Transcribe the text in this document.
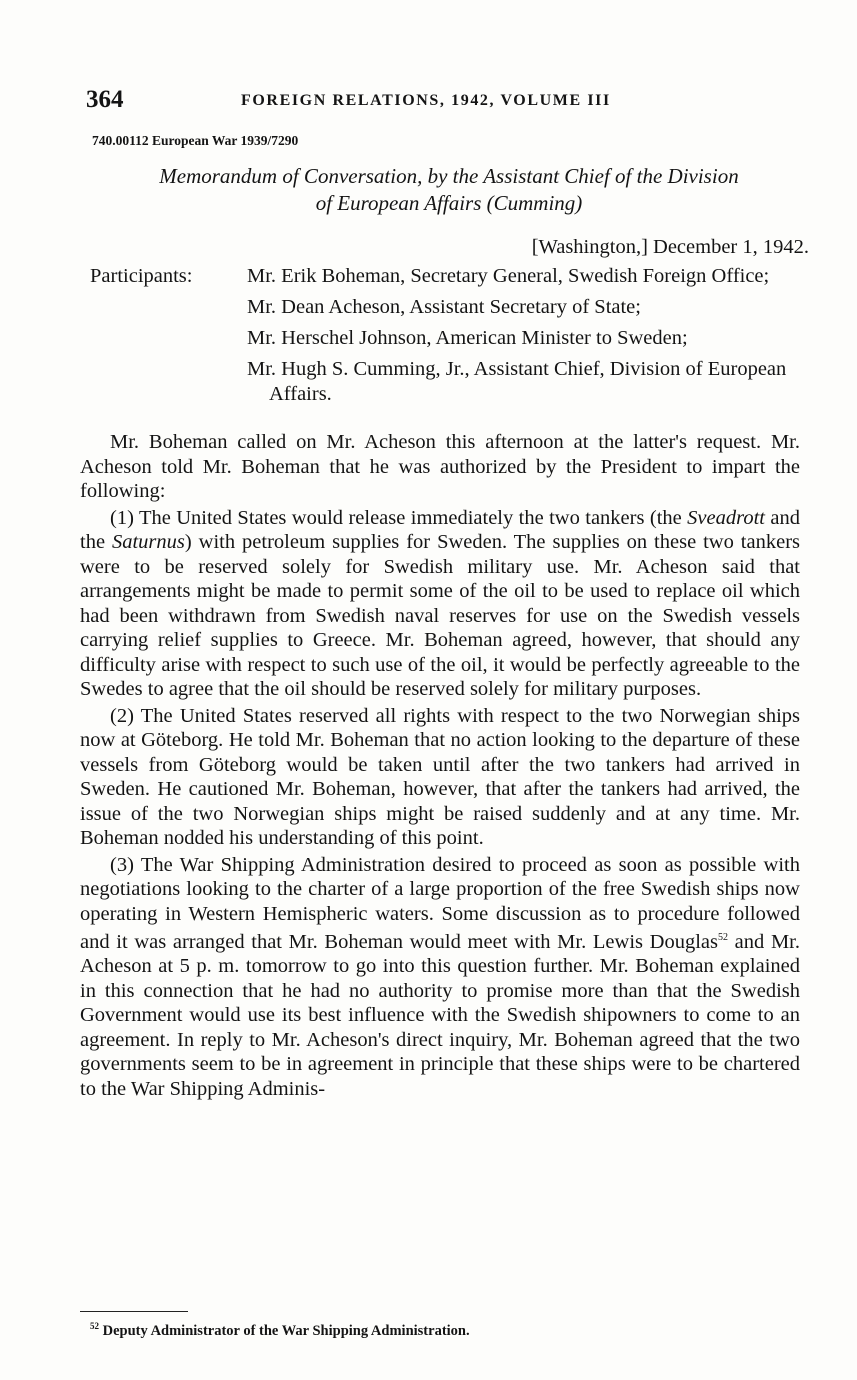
364	FOREIGN RELATIONS, 1942, VOLUME III
740.00112 European War 1939/7290
Memorandum of Conversation, by the Assistant Chief of the Division
of European Affairs (Cumming)
[Washington,] December 1, 1942.
Participants:	Mr. Erik Boheman, Secretary General, Swedish Foreign Office;
Mr. Dean Acheson, Assistant Secretary of State;
Mr. Herschel Johnson, American Minister to Sweden;
Mr. Hugh S. Cumming, Jr., Assistant Chief, Division of European Affairs.

Mr. Boheman called on Mr. Acheson this afternoon at the latter's request. Mr. Acheson told Mr. Boheman that he was authorized by the President to impart the following:

(1) The United States would release immediately the two tankers (the Sveadrott and the Saturnus) with petroleum supplies for Sweden. The supplies on these two tankers were to be reserved solely for Swedish military use. Mr. Acheson said that arrangements might be made to permit some of the oil to be used to replace oil which had been withdrawn from Swedish naval reserves for use on the Swedish vessels carrying relief supplies to Greece. Mr. Boheman agreed, however, that should any difficulty arise with respect to such use of the oil, it would be perfectly agreeable to the Swedes to agree that the oil should be reserved solely for military purposes.

(2) The United States reserved all rights with respect to the two Norwegian ships now at Göteborg. He told Mr. Boheman that no action looking to the departure of these vessels from Göteborg would be taken until after the two tankers had arrived in Sweden. He cautioned Mr. Boheman, however, that after the tankers had arrived, the issue of the two Norwegian ships might be raised suddenly and at any time. Mr. Boheman nodded his understanding of this point.

(3) The War Shipping Administration desired to proceed as soon as possible with negotiations looking to the charter of a large proportion of the free Swedish ships now operating in Western Hemispheric waters. Some discussion as to procedure followed and it was arranged that Mr. Boheman would meet with Mr. Lewis Douglas$^{52}$ and Mr. Acheson at 5 p. m. tomorrow to go into this question further. Mr. Boheman explained in this connection that he had no authority to promise more than that the Swedish Government would use its best influence with the Swedish shipowners to come to an agreement. In reply to Mr. Acheson's direct inquiry, Mr. Boheman agreed that the two governments seem to be in agreement in principle that these ships were to be chartered to the War Shipping Adminis-

$^{52}$ Deputy Administrator of the War Shipping Administration.
